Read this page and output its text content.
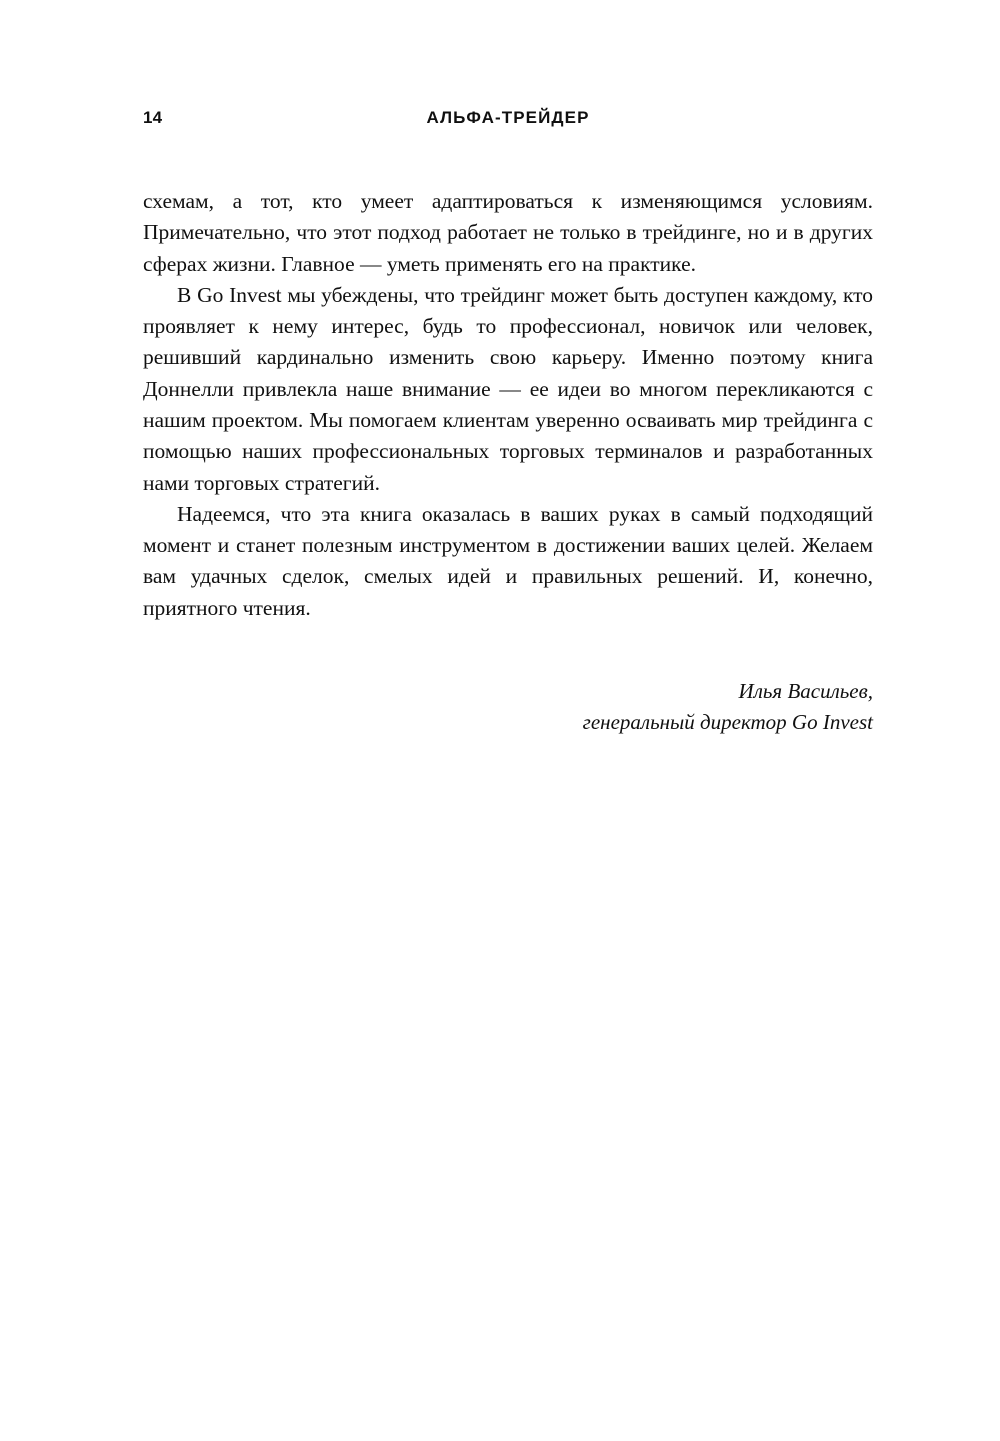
14	АЛЬФА-ТРЕЙДЕР

схемам, а тот, кто умеет адаптироваться к изменяющимся условиям. Примечательно, что этот подход работает не только в трейдинге, но и в других сферах жизни. Главное — уметь применять его на практике.

В Go Invest мы убеждены, что трейдинг может быть доступен каждому, кто проявляет к нему интерес, будь то профессионал, новичок или человек, решивший кардинально изменить свою карьеру. Именно поэтому книга Доннелли привлекла наше внимание — ее идеи во многом перекликаются с нашим проектом. Мы помогаем клиентам уверенно осваивать мир трейдинга с помощью наших профессиональных торговых терминалов и разработанных нами торговых стратегий.

Надеемся, что эта книга оказалась в ваших руках в самый подходящий момент и станет полезным инструментом в достижении ваших целей. Желаем вам удачных сделок, смелых идей и правильных решений. И, конечно, приятного чтения.

Илья Васильев,
генеральный директор Go Invest
